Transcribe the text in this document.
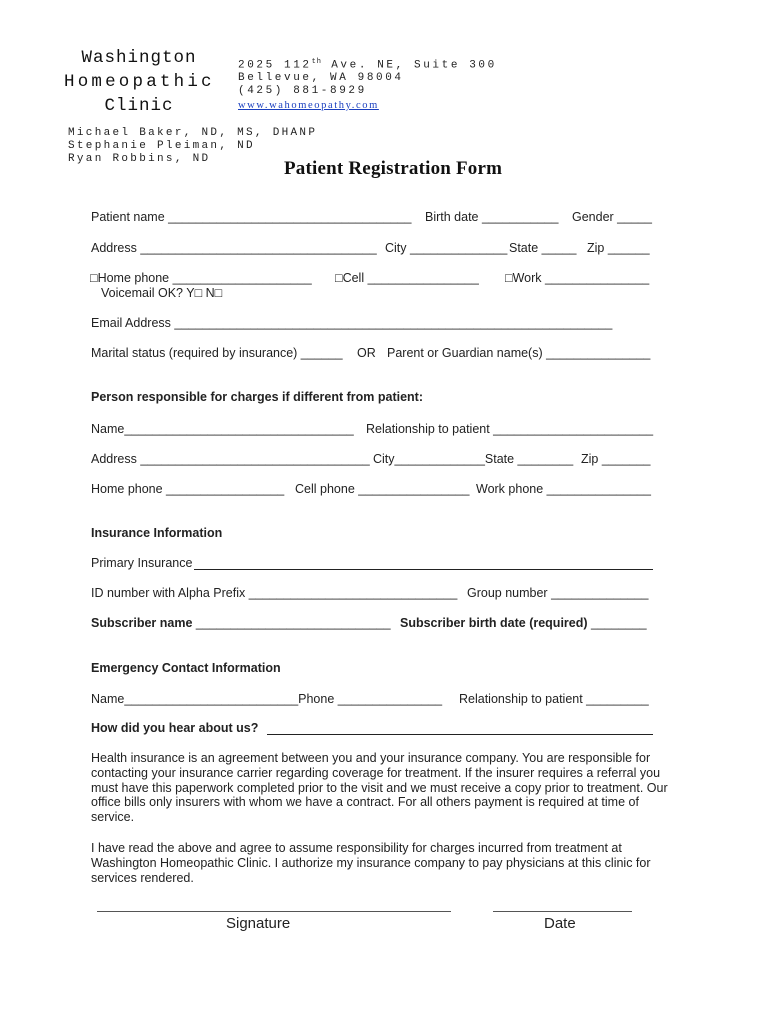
Washington
Homeopathic
Clinic
2025 112th Ave. NE, Suite 300
Bellevue, WA 98004
(425) 881-8929
www.wahomeopathy.com
Michael Baker, ND, MS, DHANP
Stephanie Pleiman, ND
Ryan Robbins, ND	Patient Registration Form
Patient name ___________________________________ Birth date ___________ Gender _____
Address __________________________________ City ______________ State _____ Zip ______
□Home phone ____________________ □Cell ________________ □Work _______________
Voicemail OK? Y□ N□
Email Address _______________________________________________________________
Marital status (required by insurance) ______ OR Parent or Guardian name(s) _______________
Person responsible for charges if different from patient:
Name_________________________________ Relationship to patient _______________________
Address _________________________________ City_____________State ________ Zip _______
Home phone _________________ Cell phone ________________ Work phone _______________
Insurance Information
Primary Insurance
ID number with Alpha Prefix ______________________________ Group number ______________
Subscriber name ____________________________ Subscriber birth date (required) ________
Emergency Contact Information
Name_________________________Phone _______________ Relationship to patient _________
How did you hear about us?
Health insurance is an agreement between you and your insurance company. You are responsible for contacting your insurance carrier regarding coverage for treatment. If the insurer requires a referral you must have this paperwork completed prior to the visit and we must receive a copy prior to treatment. Our office bills only insurers with whom we have a contract. For all others payment is required at time of service.
I have read the above and agree to assume responsibility for charges incurred from treatment at Washington Homeopathic Clinic. I authorize my insurance company to pay physicians at this clinic for services rendered.
Signature	Date
